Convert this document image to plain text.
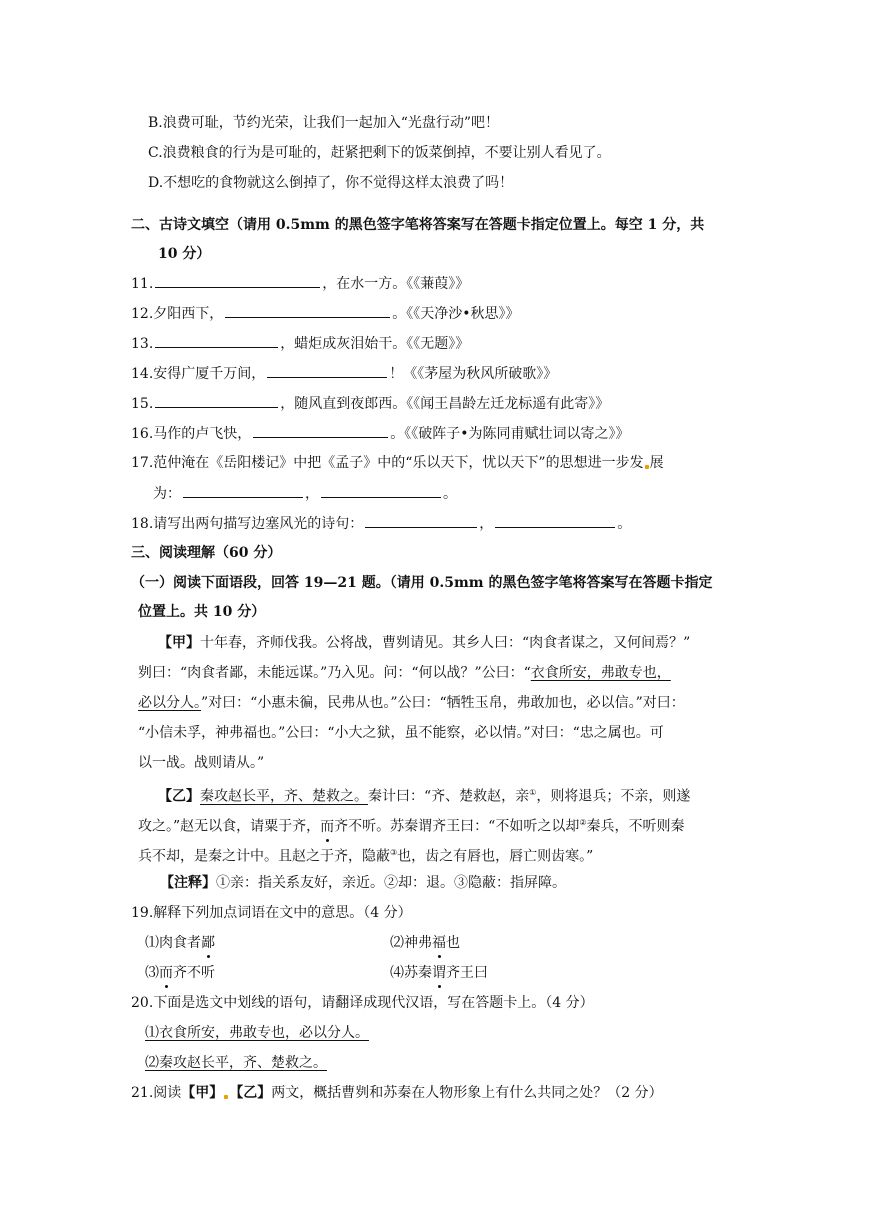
B.浪费可耻，节约光荣，让我们一起加入“光盘行动”吧！
C.浪费粮食的行为是可耻的，赶紧把剩下的饭菜倒掉，不要让别人看见了。
D.不想吃的食物就这么倒掉了，你不觉得这样太浪费了吗！
二、古诗文填空（请用 0.5mm 的黑色签字笔将答案写在答题卡指定位置上。每空 1 分，共
10 分）
11.	，在水一方。《《蒹葭》》
12.夕阳西下，	。《《天净沙•秋思》》
13.	，蜡炬成灰泪始干。《《无题》》
14.安得广厦千万间，	！《《茅屋为秋风所破歌》》
15.	，随风直到夜郎西。《《闻王昌龄左迁龙标遥有此寄》》
16.马作的卢飞快，	。《《破阵子•为陈同甫赋壮词以寄之》》
17.范仲淹在《岳阳楼记》中把《孟子》中的“乐以天下，忧以天下”的思想进一步发 展
为：	，	。
18.请写出两句描写边塞风光的诗句：	，	。
三、阅读理解（60 分）
（一）阅读下面语段，回答 19—21 题。（请用 0.5mm 的黑色签字笔将答案写在答题卡指定
位置上。共 10 分）
【甲】十年春，齐师伐我。公将战，曹刿请见。其乡人曰：“肉食者谋之，又何间焉？”
刿曰：“肉食者鄙，未能远谋。”乃入见。问：“何以战？”公曰：“衣食所安，弗敢专也，
必以分人。”对曰：“小惠未徧，民弗从也。”公曰：“牺牲玉帛，弗敢加也，必以信。”对曰：
“小信未孚，神弗福也。”公曰：“小大之狱，虽不能察，必以情。”对曰：“忠之属也。可
以一战。战则请从。”
【乙】秦攻赵长平，齐、楚救之。秦计曰：“齐、楚救赵，亲①，则将退兵；不亲，则遂
攻之。”赵无以食，请粟于齐，而齐不听。苏秦谓齐王曰：“不如听之以却②秦兵，不听则秦
兵不却，是秦之计中。且赵之于齐，隐蔽③也，齿之有唇也，唇亡则齿寒。”
【注释】①亲：指关系友好，亲近。②却：退。③隐蔽：指屏障。
19.解释下列加点词语在文中的意思。（4 分）
⑴肉食者鄙	⑵神弗福也
⑶而齐不听	⑷苏秦谓齐王曰
20.下面是选文中划线的语句，请翻译成现代汉语，写在答题卡上。（4 分）
⑴衣食所安，弗敢专也，必以分人。
⑵秦攻赵长平，齐、楚救之。
21.阅读【甲】 【乙】两文，概括曹刿和苏秦在人物形象上有什么共同之处？（2 分）
